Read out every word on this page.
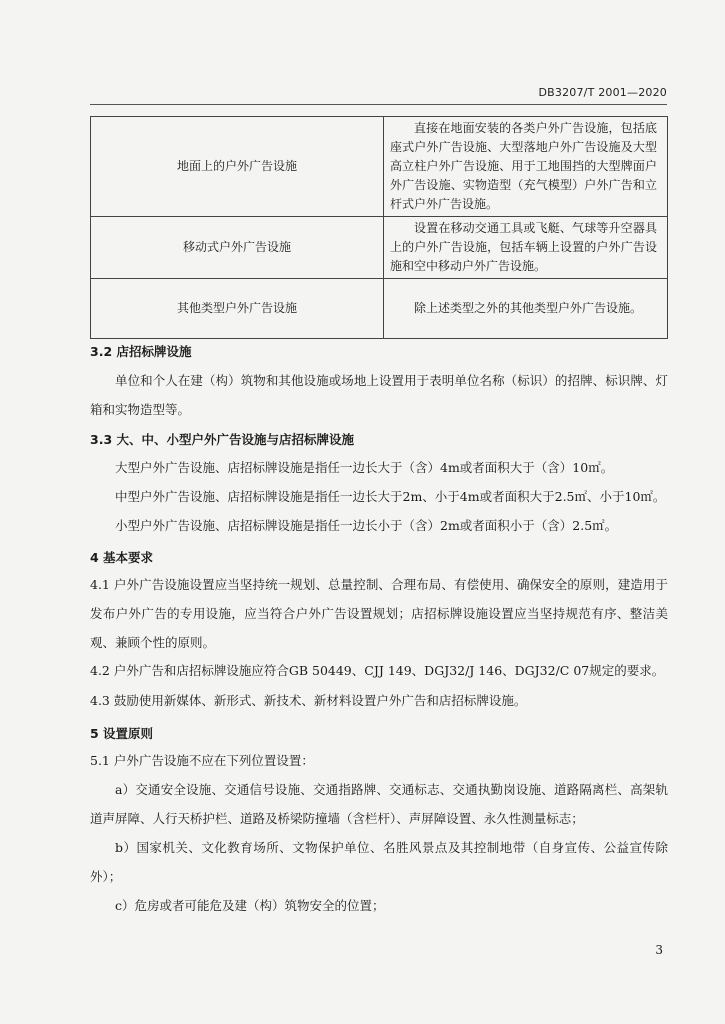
DB3207/T 2001—2020
地面上的户外广告设施	直接在地面安装的各类户外广告设施，包括底座式户外广告设施、大型落地户外广告设施及大型高立柱户外广告设施、用于工地围挡的大型牌面户外广告设施、实物造型（充气模型）户外广告和立杆式户外广告设施。
移动式户外广告设施	设置在移动交通工具或飞艇、气球等升空器具上的户外广告设施，包括车辆上设置的户外广告设施和空中移动户外广告设施。
其他类型户外广告设施	除上述类型之外的其他类型户外广告设施。
3.2 店招标牌设施
单位和个人在建（构）筑物和其他设施或场地上设置用于表明单位名称（标识）的招牌、标识牌、灯箱和实物造型等。
3.3 大、中、小型户外广告设施与店招标牌设施
大型户外广告设施、店招标牌设施是指任一边长大于（含）4m或者面积大于（含）10㎡。
中型户外广告设施、店招标牌设施是指任一边长大于2m、小于4m或者面积大于2.5㎡、小于10㎡。
小型户外广告设施、店招标牌设施是指任一边长小于（含）2m或者面积小于（含）2.5㎡。
4 基本要求
4.1 户外广告设施设置应当坚持统一规划、总量控制、合理布局、有偿使用、确保安全的原则，建造用于发布户外广告的专用设施，应当符合户外广告设置规划；店招标牌设施设置应当坚持规范有序、整洁美观、兼顾个性的原则。
4.2 户外广告和店招标牌设施应符合GB 50449、CJJ 149、DGJ32/J 146、DGJ32/C 07规定的要求。
4.3 鼓励使用新媒体、新形式、新技术、新材料设置户外广告和店招标牌设施。
5 设置原则
5.1 户外广告设施不应在下列位置设置：
a）交通安全设施、交通信号设施、交通指路牌、交通标志、交通执勤岗设施、道路隔离栏、高架轨道声屏障、人行天桥护栏、道路及桥梁防撞墙（含栏杆）、声屏障设置、永久性测量标志；
b）国家机关、文化教育场所、文物保护单位、名胜风景点及其控制地带（自身宣传、公益宣传除外）；
c）危房或者可能危及建（构）筑物安全的位置；
3
